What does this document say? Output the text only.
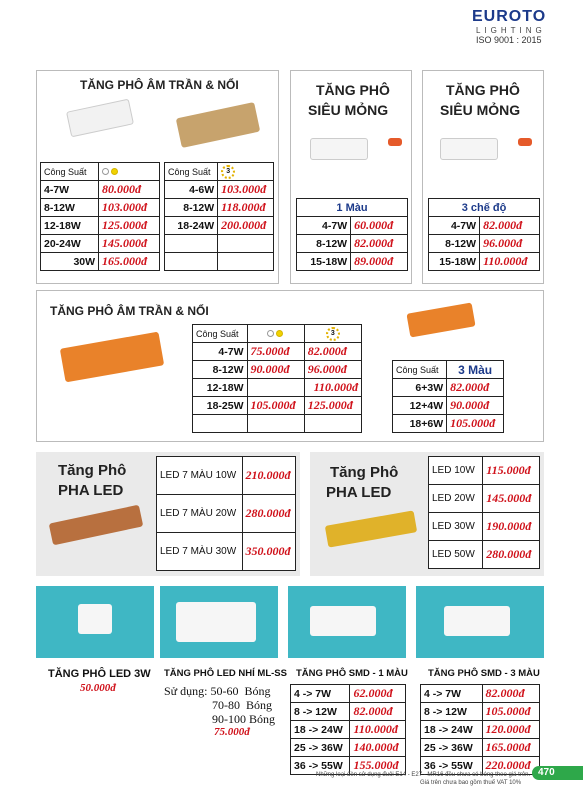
EUROTO
LIGHTING
ISO 9001 : 2015
TĂNG PHÔ ÂM TRẦN & NỔI
Công Suất	
4-7W	80.000đ
8-12W	103.000đ
12-18W	125.000đ
20-24W	145.000đ
30W	165.000đ
Công Suất	3
4-6W	103.000đ
8-12W	118.000đ
18-24W	200.000đ

TĂNG PHÔ
SIÊU MỎNG
1 Màu	
4-7W	60.000đ
8-12W	82.000đ
15-18W	89.000đ
TĂNG PHÔ
SIÊU MỎNG
3 chế độ	
4-7W	82.000đ
8-12W	96.000đ
15-18W	110.000đ
TĂNG PHÔ ÂM TRẦN & NỔI
Công Suất		3
4-7W	75.000đ	82.000đ
8-12W	90.000đ	96.000đ
12-18W		110.000đ
18-25W	105.000đ	125.000đ

Công Suất	3 Màu
6+3W	82.000đ
12+4W	90.000đ
18+6W	105.000đ
Tăng Phô
PHA LED
LED 7 MÀU 10W	210.000đ
LED 7 MÀU 20W	280.000đ
LED 7 MÀU 30W	350.000đ
Tăng Phô
PHA LED
LED 10W	115.000đ
LED 20W	145.000đ
LED 30W	190.000đ
LED 50W	280.000đ
TĂNG PHÔ LED 3W
50.000đ
TĂNG PHÔ LED NHÍ ML-SS
Sử dụng: 50-60  Bóng
70-80  Bóng
90-100 Bóng
75.000đ
TĂNG PHÔ SMD - 1 MÀU
4 -> 7W	62.000đ
8 -> 12W	82.000đ
18 -> 24W	110.000đ
25 -> 36W	140.000đ
36 -> 55W	155.000đ
TĂNG PHÔ SMD - 3 MÀU
4 -> 7W	82.000đ
8 -> 12W	105.000đ
18 -> 24W	120.000đ
25 -> 36W	165.000đ
36 -> 55W	220.000đ
Những loại đèn sử dụng đuôi E14 - E27 - MR16 đều chưa có bóng theo giá trên.
Giá trên chưa bao gồm thuế VAT 10%
470
